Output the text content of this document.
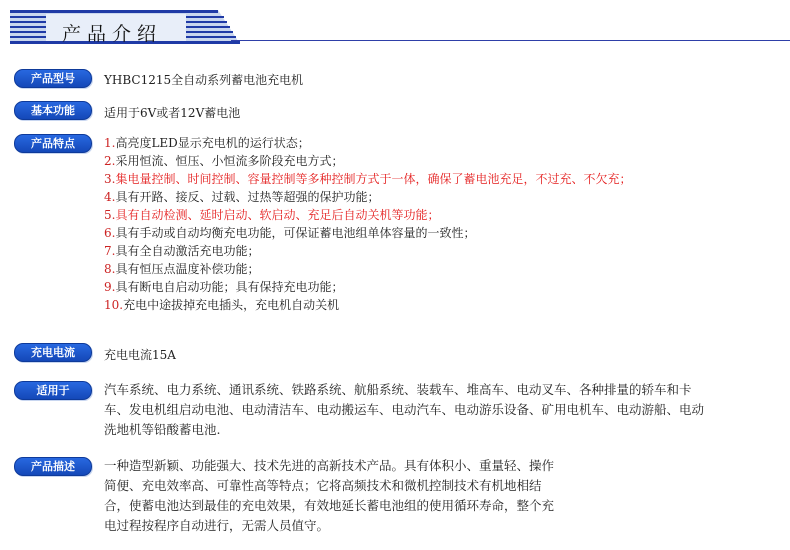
产品介绍
产品型号	YHBC1215全自动系列蓄电池充电机
基本功能	适用于6V或者12V蓄电池
产品特点	1.高亮度LED显示充电机的运行状态；
2.采用恒流、恒压、小恒流多阶段充电方式；
3.集电量控制、时间控制、容量控制等多种控制方式于一体，确保了蓄电池充足，不过充、不欠充；
4.具有开路、接反、过载、过热等超强的保护功能；
5.具有自动检测、延时启动、软启动、充足后自动关机等功能；
6.具有手动或自动均衡充电功能，可保证蓄电池组单体容量的一致性；
7.具有全自动激活充电功能；
8.具有恒压点温度补偿功能；
9.具有断电自启动功能；具有保持充电功能；
10.充电中途拔掉充电插头，充电机自动关机
充电电流	充电电流15A
适用于	汽车系统、电力系统、通讯系统、铁路系统、航船系统、装载车、堆高车、电动叉车、各种排量的轿车和卡车、发电机组启动电池、电动清洁车、电动搬运车、电动汽车、电动游乐设备、矿用电机车、电动游船、电动洗地机等铅酸蓄电池.
产品描述	一种造型新颖、功能强大、技术先进的高新技术产品。具有体积小、重量轻、操作简便、充电效率高、可靠性高等特点；它将高频技术和微机控制技术有机地相结合，使蓄电池达到最佳的充电效果，有效地延长蓄电池组的使用循环寿命，整个充电过程按程序自动进行，无需人员值守。
